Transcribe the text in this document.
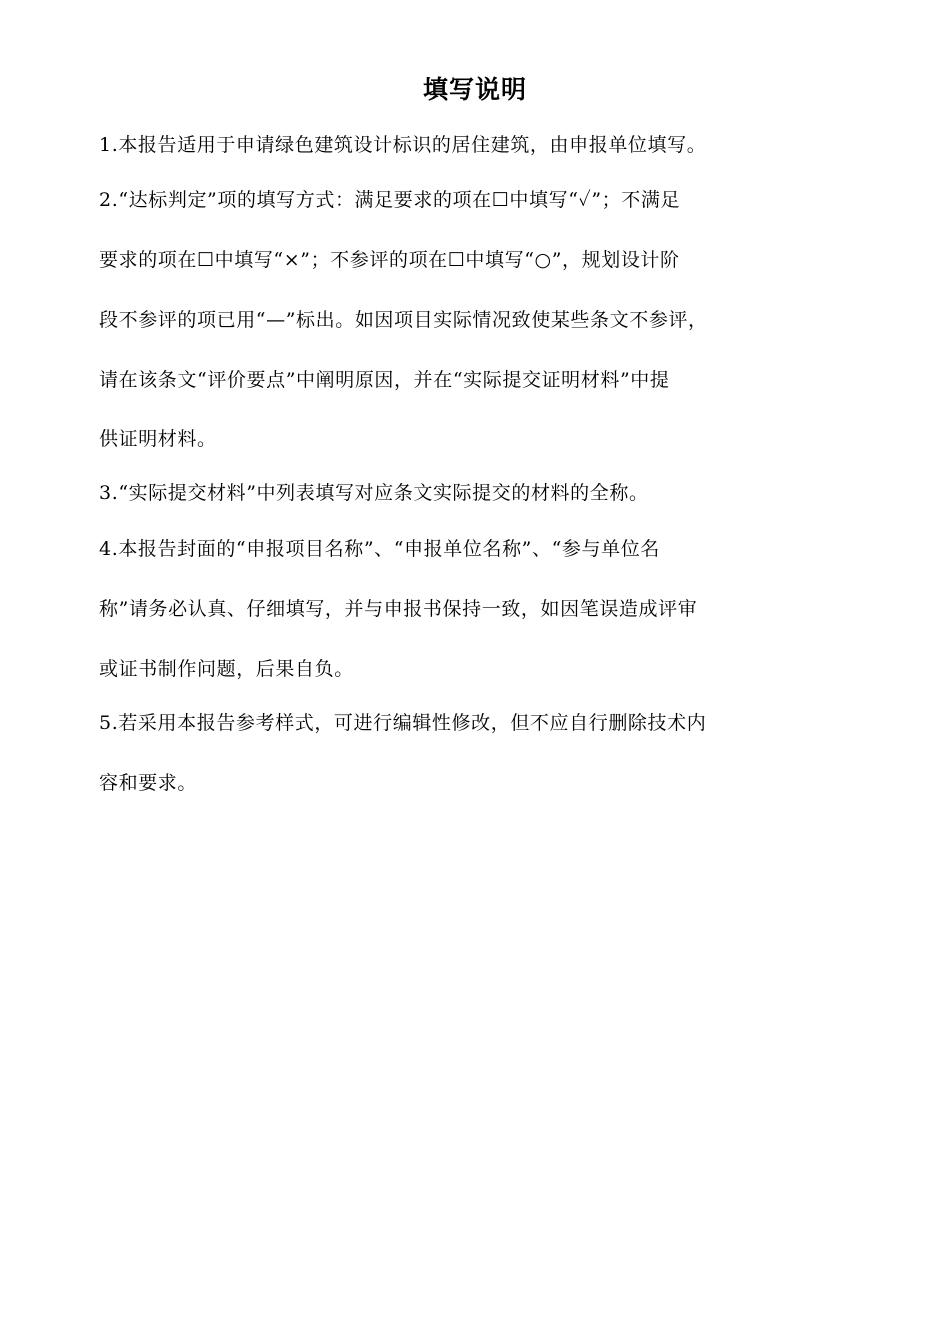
填写说明
1.本报告适用于申请绿色建筑设计标识的居住建筑，由申报单位填写。
2.“达标判定”项的填写方式：满足要求的项在☐中填写“✓”；不满足
要求的项在☐中填写“×”；不参评的项在☐中填写“○”，规划设计阶
段不参评的项已用“—”标出。如因项目实际情况致使某些条文不参评，
请在该条文“评价要点”中阐明原因，并在“实际提交证明材料”中提
供证明材料。
3.“实际提交材料”中列表填写对应条文实际提交的材料的全称。
4.本报告封面的“申报项目名称”、“申报单位名称”、“参与单位名
称”请务必认真、仔细填写，并与申报书保持一致，如因笔误造成评审
或证书制作问题，后果自负。
5.若采用本报告参考样式，可进行编辑性修改，但不应自行删除技术内
容和要求。
